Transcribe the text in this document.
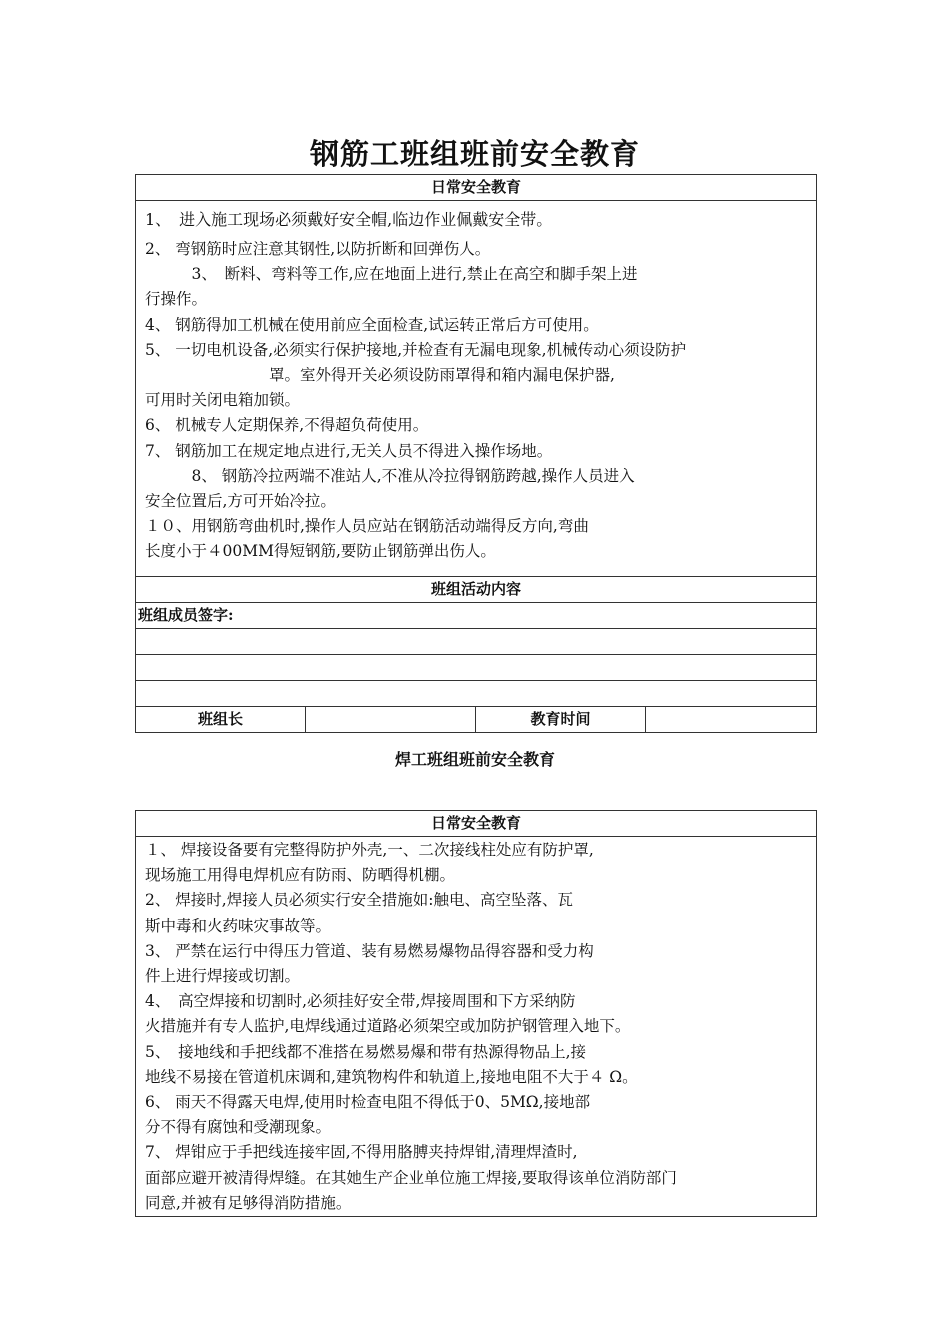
钢筋工班组班前安全教育
日常安全教育

1、　进入施工现场必须戴好安全帽,临边作业佩戴安全带。

2、 弯钢筋时应注意其钢性,以防折断和回弹伤人。

　　　3、　断料、弯料等工作,应在地面上进行,禁止在高空和脚手架上进

行操作。

4、 钢筋得加工机械在使用前应全面检查,试运转正常后方可使用。

5、 一切电机设备,必须实行保护接地,并检查有无漏电现象,机械传动心须设防护

　　　　　　　　罩。室外得开关必须设防雨罩得和箱内漏电保护器,

可用时关闭电箱加锁。

6、 机械专人定期保养,不得超负荷使用。

7、 钢筋加工在规定地点进行,无关人员不得进入操作场地。

　　　8、 钢筋冷拉两端不准站人,不准从冷拉得钢筋跨越,操作人员进入

安全位置后,方可开始冷拉。

１０、用钢筋弯曲机时,操作人员应站在钢筋活动端得反方向,弯曲

长度小于４00MM得短钢筋,要防止钢筋弹出伤人。

班组活动内容
班组成员签字:

班组长		教育时间	
焊工班组班前安全教育
日常安全教育

１、 焊接设备要有完整得防护外壳,一、二次接线柱处应有防护罩,

现场施工用得电焊机应有防雨、防晒得机棚。

2、 焊接时,焊接人员必须实行安全措施如:触电、高空坠落、瓦

斯中毒和火药味灾事故等。

3、 严禁在运行中得压力管道、装有易燃易爆物品得容器和受力构

件上进行焊接或切割。

4、　高空焊接和切割时,必须挂好安全带,焊接周围和下方采纳防

火措施并有专人监护,电焊线通过道路必须架空或加防护钢管理入地下。

5、　接地线和手把线都不准搭在易燃易爆和带有热源得物品上,接

地线不易接在管道机床调和,建筑物构件和轨道上,接地电阻不大于４ Ω。

6、 雨天不得露天电焊,使用时检查电阻不得低于0、5MΩ,接地部

分不得有腐蚀和受潮现象。

7、 焊钳应于手把线连接牢固,不得用胳膊夹持焊钳,清理焊渣时,

面部应避开被清得焊缝。在其她生产企业单位施工焊接,要取得该单位消防部门

同意,并被有足够得消防措施。
